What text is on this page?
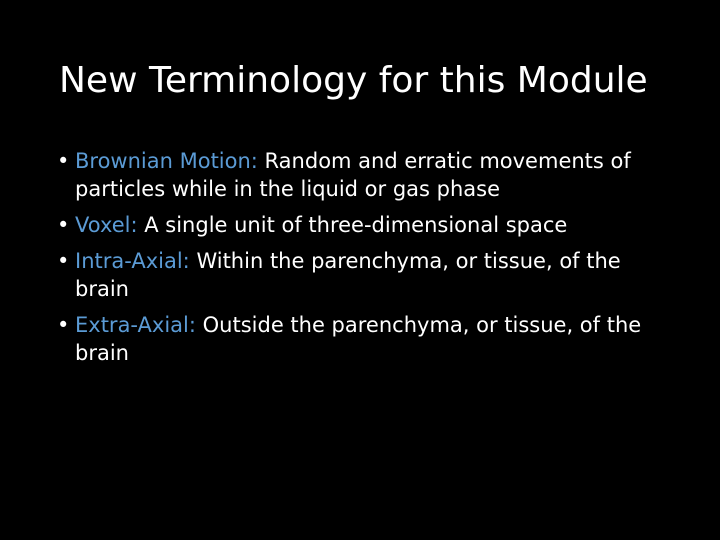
New Terminology for this Module
• Brownian Motion: Random and erratic movements of particles while in the liquid or gas phase
• Voxel: A single unit of three-dimensional space
• Intra-Axial: Within the parenchyma, or tissue, of the brain
• Extra-Axial: Outside the parenchyma, or tissue, of the brain
